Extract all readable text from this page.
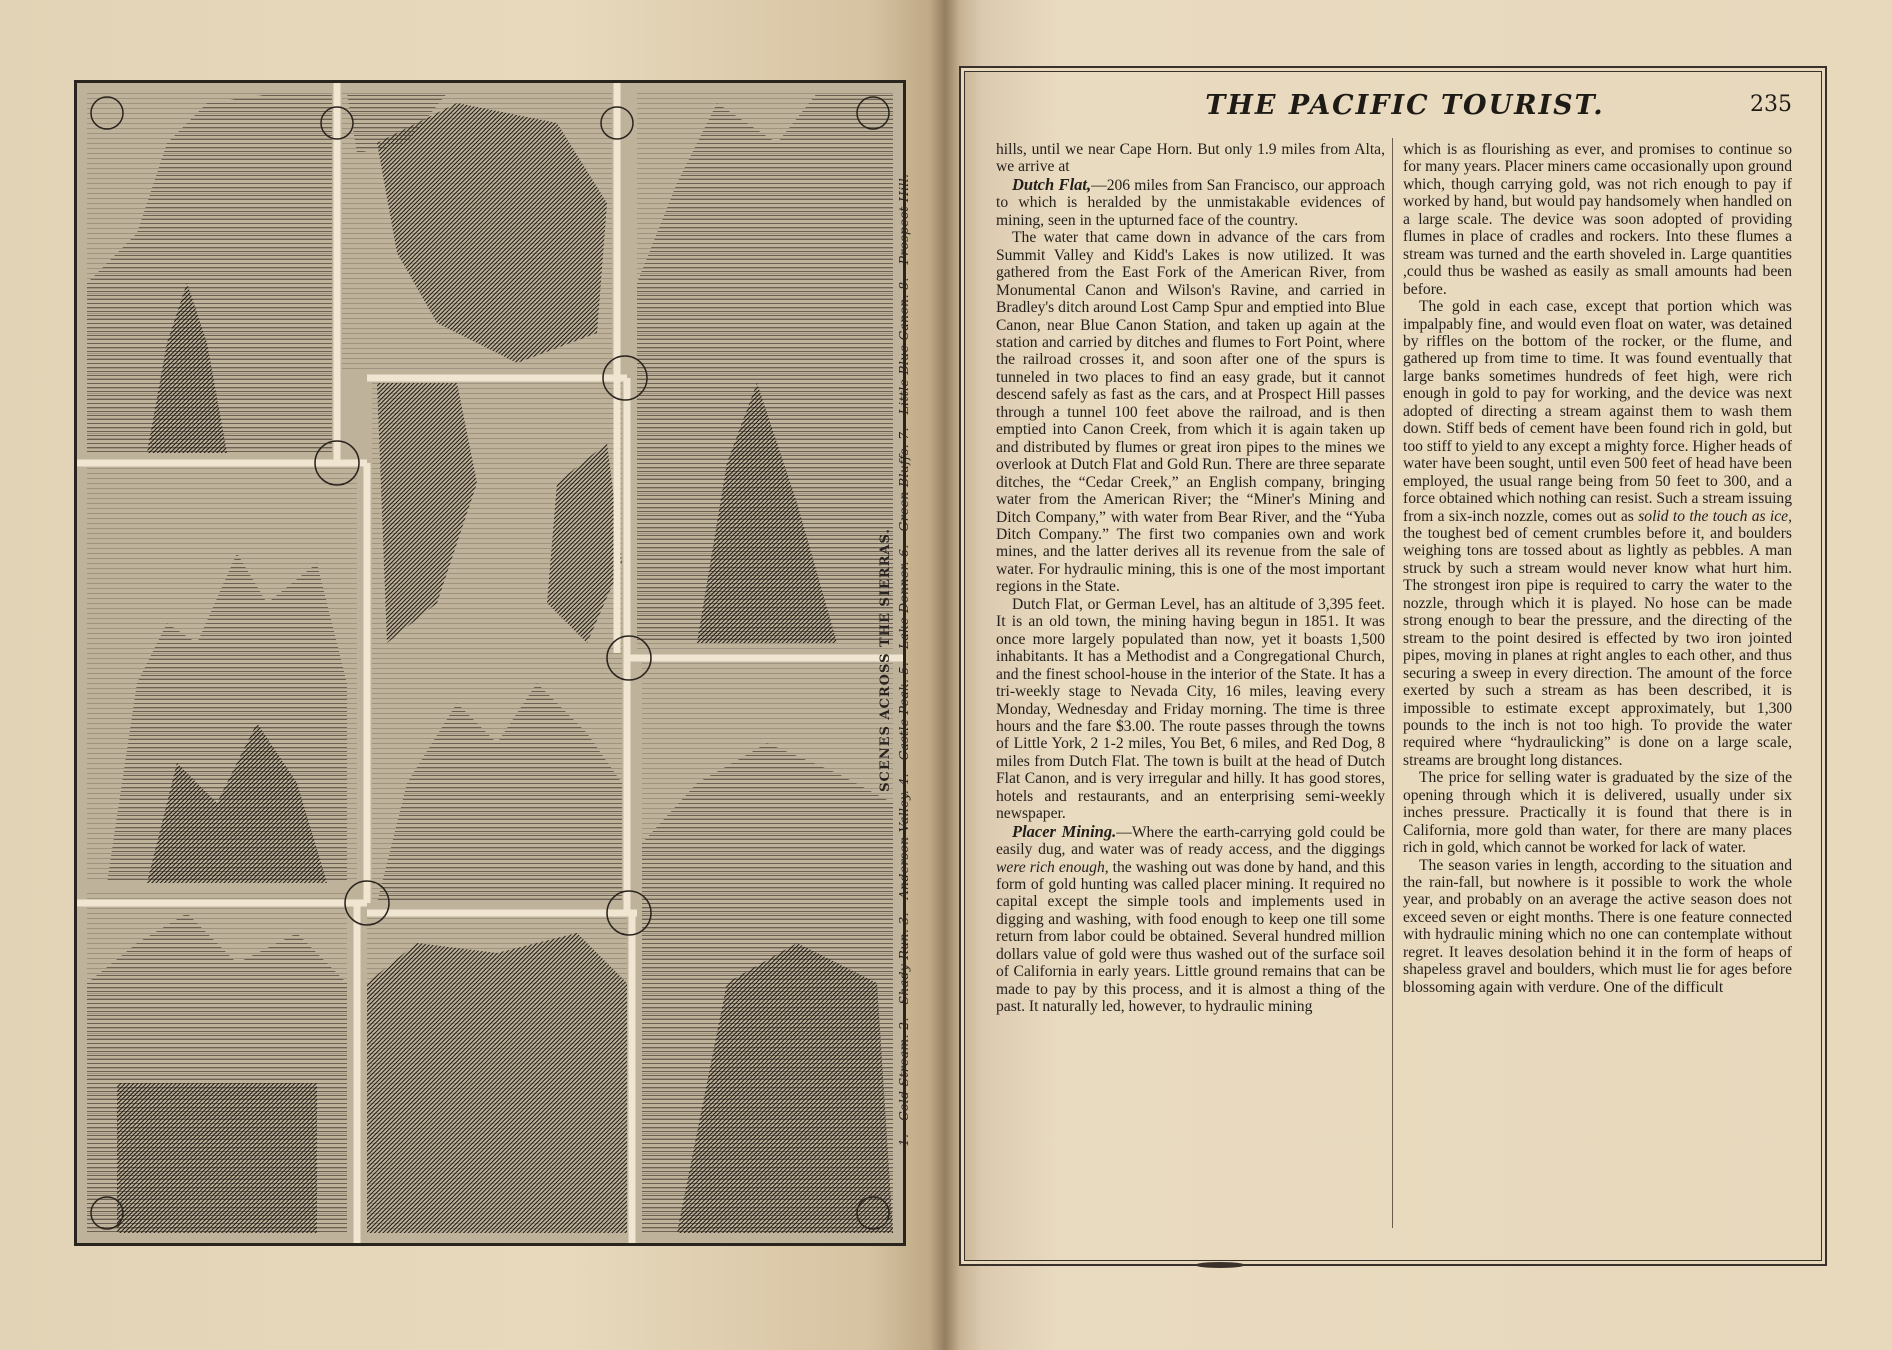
SCENES ACROSS THE SIERRAS. 1.—Cold Stream. 2.—Shady Run. 3.—Anderson Valley. 4.—Castle Peak. 5.—Lake Donner. 6.—Green Bluffs. 7.—Little Blue Canon. 8.—Prospect Hill.
THE PACIFIC TOURIST.	235

hills, until we near Cape Horn. But only 1.9 miles from Alta, we arrive at

Dutch Flat,—206 miles from San Francisco, our approach to which is heralded by the unmistakable evidences of mining, seen in the upturned face of the country.

The water that came down in advance of the cars from Summit Valley and Kidd's Lakes is now utilized. It was gathered from the East Fork of the American River, from Monumental Canon and Wilson's Ravine, and carried in Bradley's ditch around Lost Camp Spur and emptied into Blue Canon, near Blue Canon Station, and taken up again at the station and carried by ditches and flumes to Fort Point, where the railroad crosses it, and soon after one of the spurs is tunneled in two places to find an easy grade, but it cannot descend safely as fast as the cars, and at Prospect Hill passes through a tunnel 100 feet above the railroad, and is then emptied into Canon Creek, from which it is again taken up and distributed by flumes or great iron pipes to the mines we overlook at Dutch Flat and Gold Run. There are three separate ditches, the “Cedar Creek,” an English company, bringing water from the American River; the “Miner's Mining and Ditch Company,” with water from Bear River, and the “Yuba Ditch Company.” The first two companies own and work mines, and the latter derives all its revenue from the sale of water. For hydraulic mining, this is one of the most important regions in the State.

Dutch Flat, or German Level, has an altitude of 3,395 feet. It is an old town, the mining having begun in 1851. It was once more largely populated than now, yet it boasts 1,500 inhabitants. It has a Methodist and a Congregational Church, and the finest school-house in the interior of the State. It has a tri-weekly stage to Nevada City, 16 miles, leaving every Monday, Wednesday and Friday morning. The time is three hours and the fare $3.00. The route passes through the towns of Little York, 2 1-2 miles, You Bet, 6 miles, and Red Dog, 8 miles from Dutch Flat. The town is built at the head of Dutch Flat Canon, and is very irregular and hilly. It has good stores, hotels and restaurants, and an enterprising semi-weekly newspaper.

Placer Mining.—Where the earth-carrying gold could be easily dug, and water was of ready access, and the diggings were rich enough, the washing out was done by hand, and this form of gold hunting was called placer mining. It required no capital except the simple tools and implements used in digging and washing, with food enough to keep one till some return from labor could be obtained. Several hundred million dollars value of gold were thus washed out of the surface soil of California in early years. Little ground remains that can be made to pay by this process, and it is almost a thing of the past. It naturally led, however, to hydraulic mining

which is as flourishing as ever, and promises to continue so for many years. Placer miners came occasionally upon ground which, though carrying gold, was not rich enough to pay if worked by hand, but would pay handsomely when handled on a large scale. The device was soon adopted of providing flumes in place of cradles and rockers. Into these flumes a stream was turned and the earth shoveled in. Large quantities ,could thus be washed as easily as small amounts had been before.

The gold in each case, except that portion which was impalpably fine, and would even float on water, was detained by riffles on the bottom of the rocker, or the flume, and gathered up from time to time. It was found eventually that large banks sometimes hundreds of feet high, were rich enough in gold to pay for working, and the device was next adopted of directing a stream against them to wash them down. Stiff beds of cement have been found rich in gold, but too stiff to yield to any except a mighty force. Higher heads of water have been sought, until even 500 feet of head have been employed, the usual range being from 50 feet to 300, and a force obtained which nothing can resist. Such a stream issuing from a six-inch nozzle, comes out as solid to the touch as ice, the toughest bed of cement crumbles before it, and boulders weighing tons are tossed about as lightly as pebbles. A man struck by such a stream would never know what hurt him. The strongest iron pipe is required to carry the water to the nozzle, through which it is played. No hose can be made strong enough to bear the pressure, and the directing of the stream to the point desired is effected by two iron jointed pipes, moving in planes at right angles to each other, and thus securing a sweep in every direction. The amount of the force exerted by such a stream as has been described, it is impossible to estimate except approximately, but 1,300 pounds to the inch is not too high. To provide the water required where “hydraulicking” is done on a large scale, streams are brought long distances.

The price for selling water is graduated by the size of the opening through which it is delivered, usually under six inches pressure. Practically it is found that there is in California, more gold than water, for there are many places rich in gold, which cannot be worked for lack of water.

The season varies in length, according to the situation and the rain-fall, but nowhere is it possible to work the whole year, and probably on an average the active season does not exceed seven or eight months. There is one feature connected with hydraulic mining which no one can contemplate without regret. It leaves desolation behind it in the form of heaps of shapeless gravel and boulders, which must lie for ages before blossoming again with verdure. One of the difficult
